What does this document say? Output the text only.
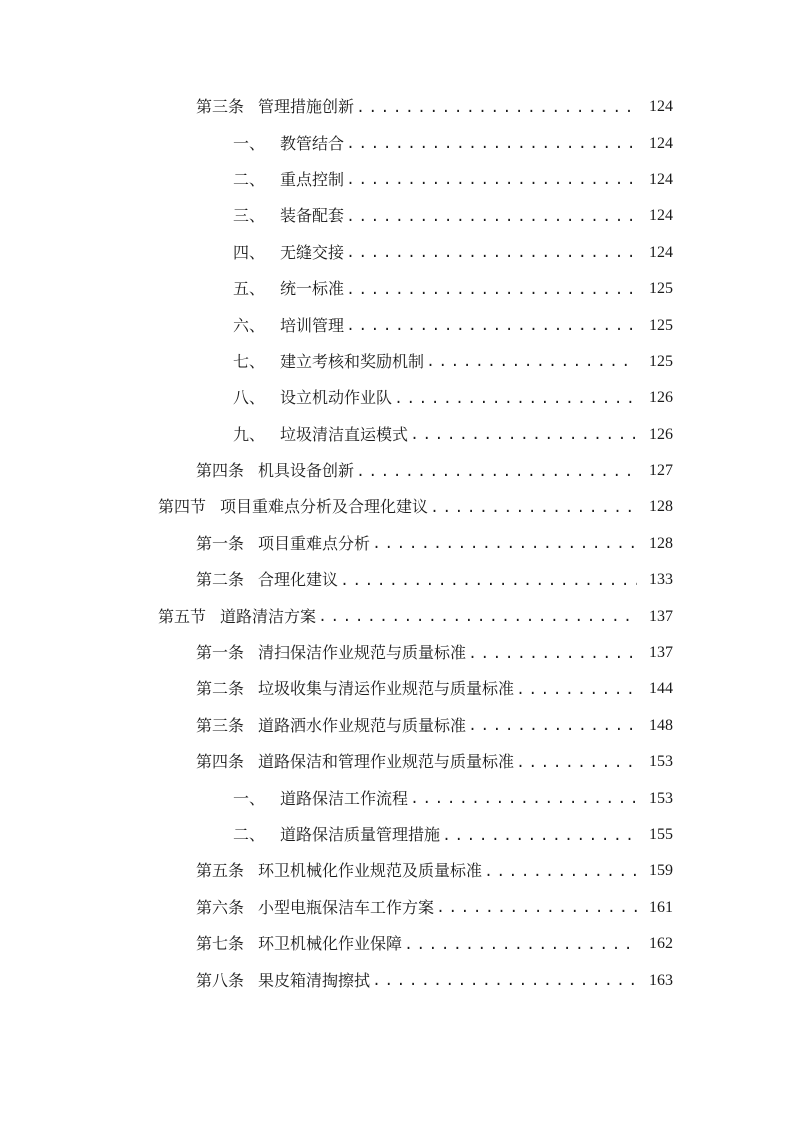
第三条 管理措施创新 .....	124
一、 教管结合 .....	124
二、 重点控制 .....	124
三、 装备配套 .....	124
四、 无缝交接 .....	124
五、 统一标准 .....	125
六、 培训管理 .....	125
七、 建立考核和奖励机制 .....	125
八、 设立机动作业队 .....	126
九、 垃圾清洁直运模式 .....	126
第四条 机具设备创新 .....	127
第四节 项目重难点分析及合理化建议 .....	128
第一条 项目重难点分析 .....	128
第二条 合理化建议 .....	133
第五节 道路清洁方案 .....	137
第一条 清扫保洁作业规范与质量标准 .....	137
第二条 垃圾收集与清运作业规范与质量标准 .....	144
第三条 道路洒水作业规范与质量标准 .....	148
第四条 道路保洁和管理作业规范与质量标准 .....	153
一、 道路保洁工作流程 .....	153
二、 道路保洁质量管理措施 .....	155
第五条 环卫机械化作业规范及质量标准 .....	159
第六条 小型电瓶保洁车工作方案 .....	161
第七条 环卫机械化作业保障 .....	162
第八条 果皮箱清掏擦拭 .....	163
